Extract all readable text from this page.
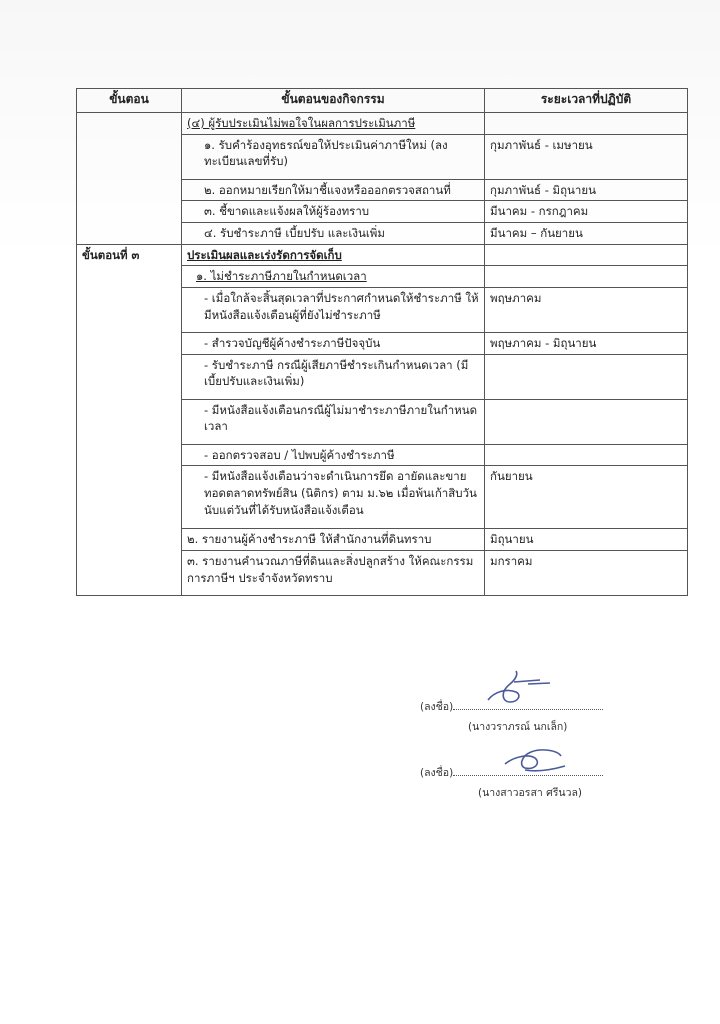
ขั้นตอน	ขั้นตอนของกิจกรรม	ระยะเวลาที่ปฏิบัติ
	(๔) ผู้รับประเมินไม่พอใจในผลการประเมินภาษี	
	๑. รับคำร้องอุทธรณ์ขอให้ประเมินค่าภาษีใหม่ (ลงทะเบียนเลขที่รับ)	กุมภาพันธ์ - เมษายน
	๒. ออกหมายเรียกให้มาชี้แจงหรือออกตรวจสถานที่	กุมภาพันธ์ - มิถุนายน
	๓. ชี้ขาดและแจ้งผลให้ผู้ร้องทราบ	มีนาคม - กรกฎาคม
	๔. รับชำระภาษี เบี้ยปรับ และเงินเพิ่ม	มีนาคม – กันยายน
ขั้นตอนที่ ๓	ประเมินผลและเร่งรัดการจัดเก็บ	
	๑. ไม่ชำระภาษีภายในกำหนดเวลา	
	- เมื่อใกล้จะสิ้นสุดเวลาที่ประกาศกำหนดให้ชำระภาษี ให้มีหนังสือแจ้งเตือนผู้ที่ยังไม่ชำระภาษี	พฤษภาคม
	- สำรวจบัญชีผู้ค้างชำระภาษีปัจจุบัน	พฤษภาคม - มิถุนายน
	- รับชำระภาษี กรณีผู้เสียภาษีชำระเกินกำหนดเวลา (มีเบี้ยปรับและเงินเพิ่ม)	
	- มีหนังสือแจ้งเตือนกรณีผู้ไม่มาชำระภาษีภายในกำหนดเวลา	
	- ออกตรวจสอบ / ไปพบผู้ค้างชำระภาษี	
	- มีหนังสือแจ้งเตือนว่าจะดำเนินการยึด อายัดและขายทอดตลาดทรัพย์สิน (นิติกร) ตาม ม.๖๒ เมื่อพ้นเก้าสิบวันนับแต่วันที่ได้รับหนังสือแจ้งเตือน	กันยายน
	๒. รายงานผู้ค้างชำระภาษี ให้สำนักงานที่ดินทราบ	มิถุนายน
	๓. รายงานคำนวณภาษีที่ดินและสิ่งปลูกสร้าง ให้คณะกรรมการภาษีฯ ประจำจังหวัดทราบ	มกราคม
(ลงชื่อ)
(นางวราภรณ์ นกเล็ก)
(ลงชื่อ)
(นางสาวอรสา ศรีนวล)
